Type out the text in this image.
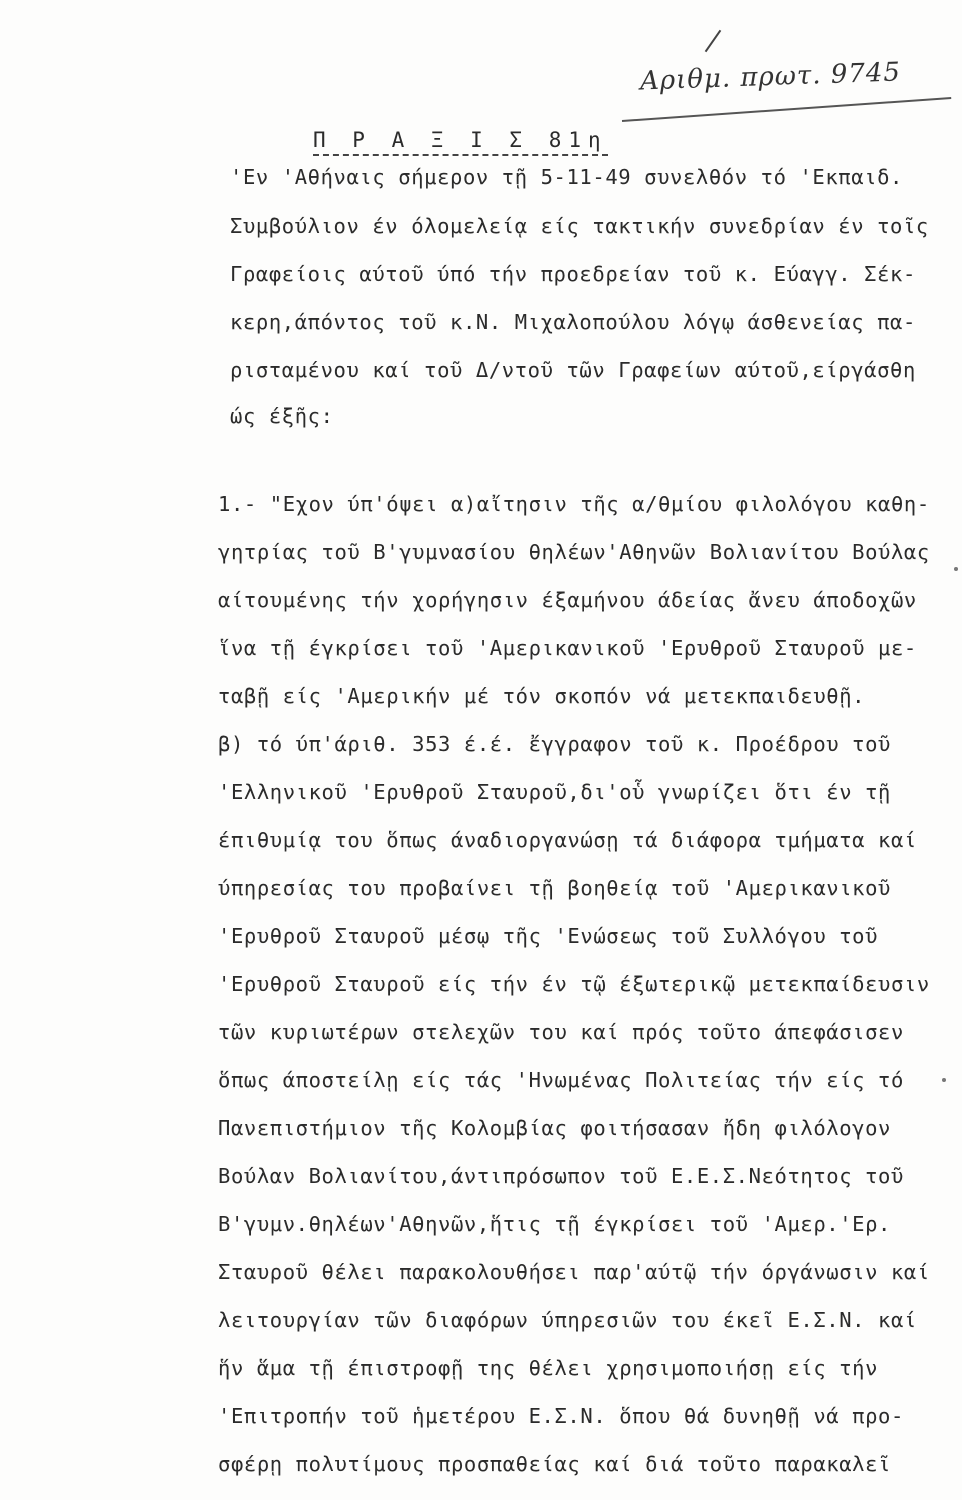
Αριθμ. πρωτ. 9745
Π Ρ Α Ξ Ι Σ 81η
'Εν 'Αθήναις σήμερον τῇ 5-11-49 συνελθόν τό 'Εκπαιδ.
Συμβούλιον έν όλομελείᾳ είς τακτικήν συνεδρίαν έν τοῖς
Γραφείοις αύτοῦ ύπό τήν προεδρείαν τοῦ κ. Εύαγγ. Σέκ-
κερη,άπόντος τοῦ κ.Ν. Μιχαλοπούλου λόγῳ άσθενείας πα-
ρισταμένου καί τοῦ Δ/ντοῦ τῶν Γραφείων αύτοῦ,είργάσθη
ώς έξῆς:
1.- "Εχον ύπ'όψει α)αἴτησιν τῆς α/θμίου φιλολόγου καθη-
γητρίας τοῦ Β'γυμνασίου θηλέων'Αθηνῶν Βολιανίτου Βούλας
αίτουμένης τήν χορήγησιν έξαμήνου άδείας ἄνευ άποδοχῶν
ἵνα τῇ έγκρίσει τοῦ 'Αμερικανικοῦ 'Ερυθροῦ Σταυροῦ με-
ταβῇ είς 'Αμερικήν μέ τόν σκοπόν νά μετεκπαιδευθῇ.
β) τό ύπ'άριθ. 353 έ.έ. ἔγγραφον τοῦ κ. Προέδρου τοῦ
'Ελληνικοῦ 'Ερυθροῦ Σταυροῦ,δι'οὗ γνωρίζει ὅτι έν τῇ
έπιθυμίᾳ του ὅπως άναδιοργανώσῃ τά διάφορα τμήματα καί
ύπηρεσίας του προβαίνει τῇ βοηθείᾳ τοῦ 'Αμερικανικοῦ
'Ερυθροῦ Σταυροῦ μέσῳ τῆς 'Ενώσεως τοῦ Συλλόγου τοῦ
'Ερυθροῦ Σταυροῦ είς τήν έν τῷ έξωτερικῷ μετεκπαίδευσιν
τῶν κυριωτέρων στελεχῶν του καί πρός τοῦτο άπεφάσισεν
ὅπως άποστείλῃ είς τάς 'Ηνωμένας Πολιτείας τήν είς τό
Πανεπιστήμιον τῆς Κολομβίας φοιτήσασαν ἤδη φιλόλογον
Βούλαν Βολιανίτου,άντιπρόσωπον τοῦ Ε.Ε.Σ.Νεότητος τοῦ
Β'γυμν.θηλέων'Αθηνῶν,ἥτις τῇ έγκρίσει τοῦ 'Αμερ.'Ερ.
Σταυροῦ θέλει παρακολουθήσει παρ'αύτῷ τήν όργάνωσιν καί
λειτουργίαν τῶν διαφόρων ύπηρεσιῶν του έκεῖ Ε.Σ.Ν. καί
ἥν ἅμα τῇ έπιστροφῇ της θέλει χρησιμοποιήσῃ είς τήν
'Επιτροπήν τοῦ ἡμετέρου Ε.Σ.Ν. ὅπου θά δυνηθῇ νά προ-
σφέρῃ πολυτίμους προσπαθείας καί διά τοῦτο παρακαλεῖ
